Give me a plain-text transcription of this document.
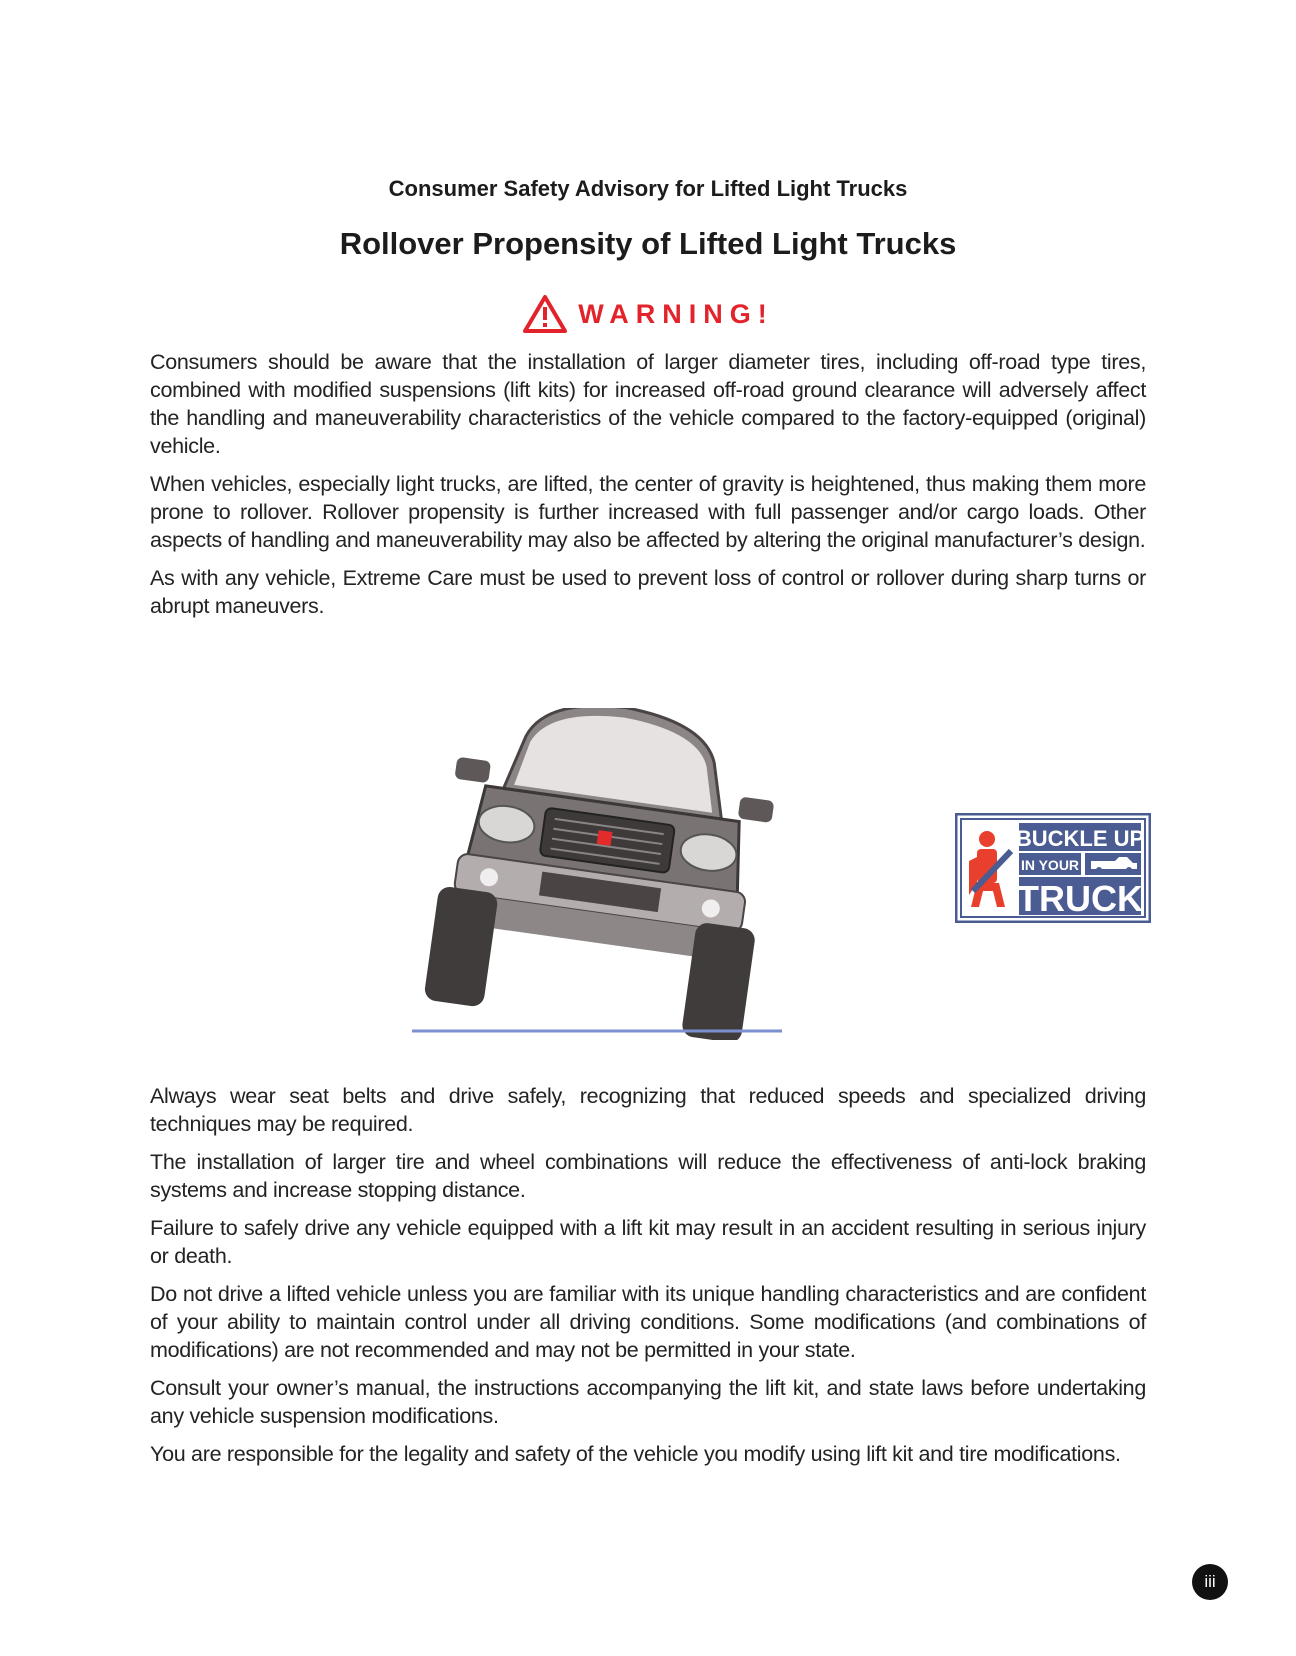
Consumer Safety Advisory for Lifted Light Trucks
Rollover Propensity of Lifted Light Trucks
WARNING!

Consumers should be aware that the installation of larger diameter tires, including off-road type tires, combined with modified suspensions (lift kits) for increased off-road ground clearance will adversely affect the handling and maneuverability characteristics of the vehicle compared to the factory-equipped (original) vehicle.

When vehicles, especially light trucks, are lifted, the center of gravity is heightened, thus making them more prone to rollover. Rollover propensity is further increased with full passenger and/or cargo loads. Other aspects of handling and maneuverability may also be affected by altering the original manufacturer’s design.

As with any vehicle, Extreme Care must be used to prevent loss of control or rollover during sharp turns or abrupt maneuvers.

BUCKLE UP
IN YOUR
TRUCK

Always wear seat belts and drive safely, recognizing that reduced speeds and specialized driving techniques may be required.

The installation of larger tire and wheel combinations will reduce the effectiveness of anti-lock braking systems and increase stopping distance.

Failure to safely drive any vehicle equipped with a lift kit may result in an accident resulting in serious injury or death.

Do not drive a lifted vehicle unless you are familiar with its unique handling characteristics and are confident of your ability to maintain control under all driving conditions. Some modifications (and combinations of modifications) are not recommended and may not be permitted in your state.

Consult your owner’s manual, the instructions accompanying the lift kit, and state laws before undertaking any vehicle suspension modifications.

You are responsible for the legality and safety of the vehicle you modify using lift kit and tire modifications.

iii
